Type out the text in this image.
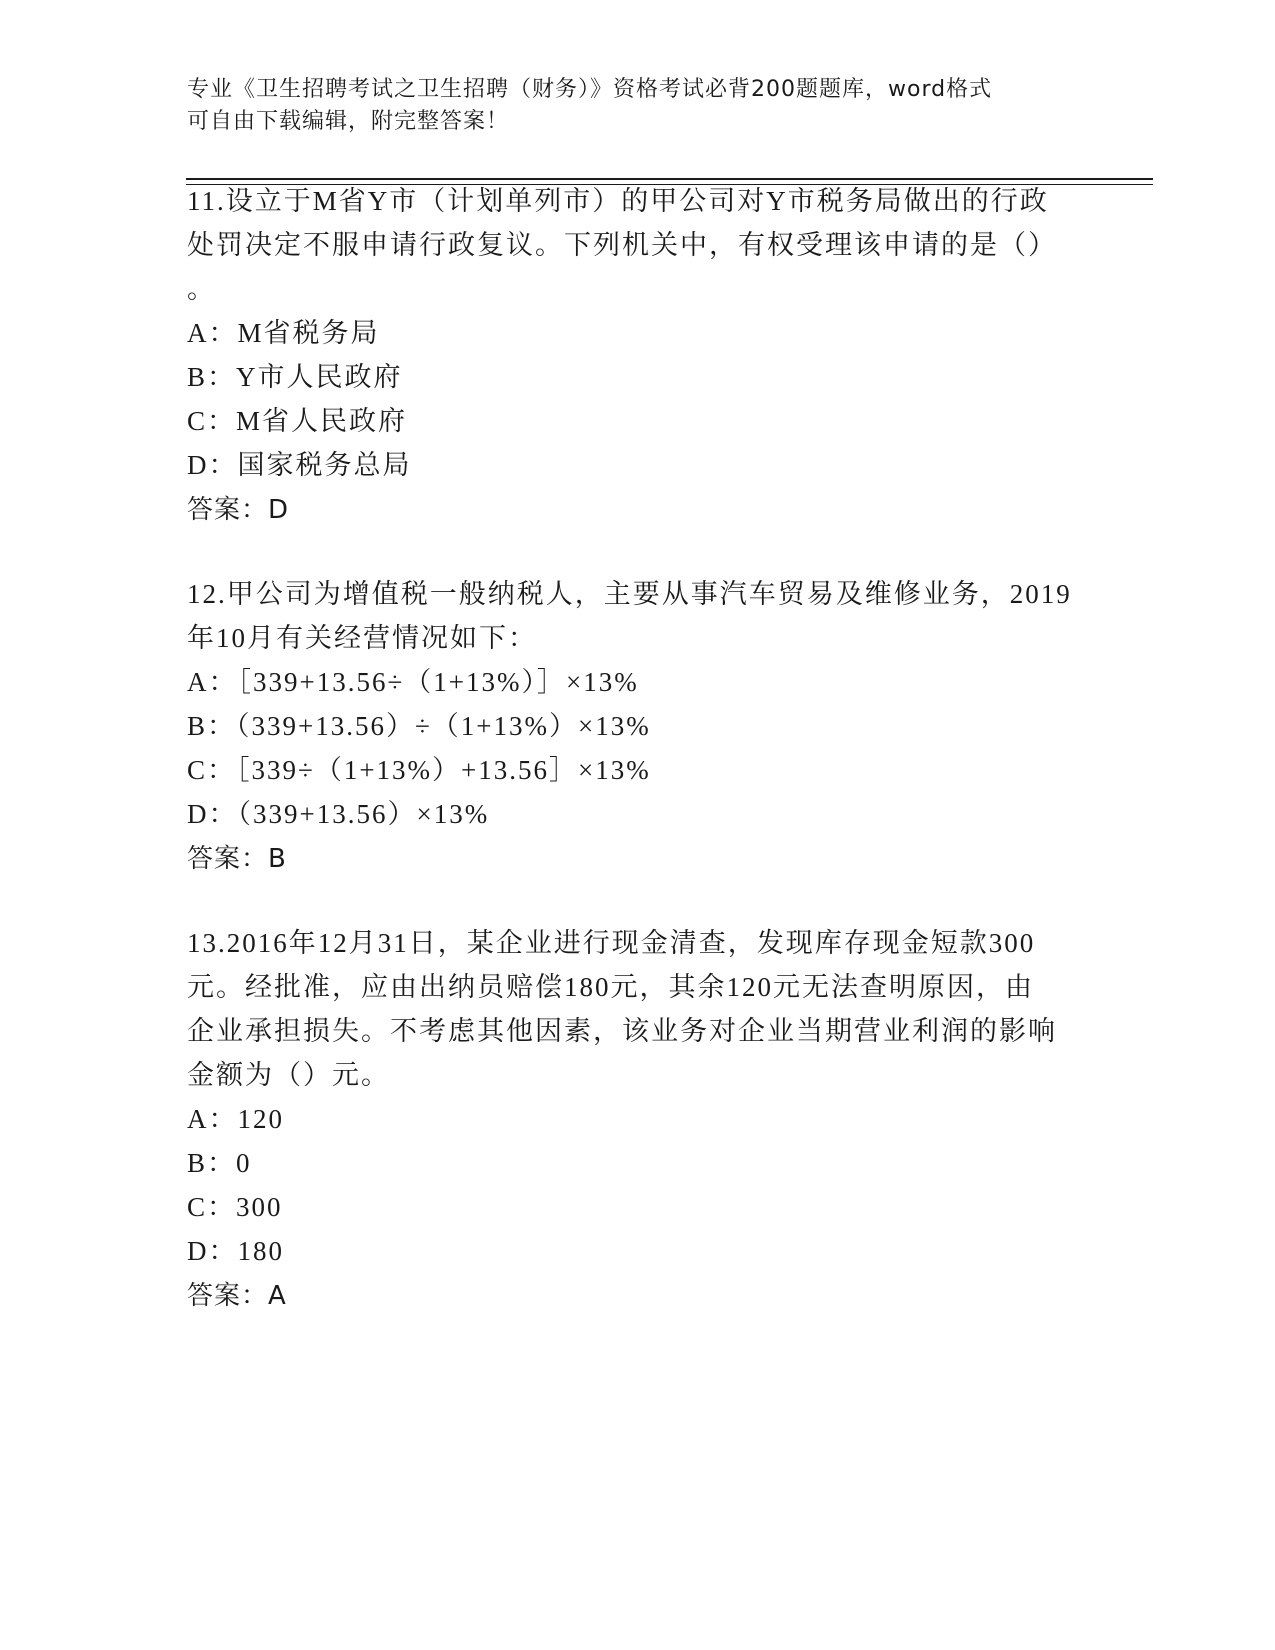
专业《卫生招聘考试之卫生招聘（财务）》资格考试必背200题题库，word格式
可自由下载编辑，附完整答案！
11.设立于M省Y市（计划单列市）的甲公司对Y市税务局做出的行政
处罚决定不服申请行政复议。下列机关中，有权受理该申请的是（）
。
A：M省税务局
B：Y市人民政府
C：M省人民政府
D：国家税务总局
答案：D
12.甲公司为增值税一般纳税人，主要从事汽车贸易及维修业务，2019
年10月有关经营情况如下：
A：［339+13.56÷（1+13%）］×13%
B：（339+13.56）÷（1+13%）×13%
C：［339÷（1+13%）+13.56］×13%
D：（339+13.56）×13%
答案：B
13.2016年12月31日，某企业进行现金清查，发现库存现金短款300
元。经批准，应由出纳员赔偿180元，其余120元无法查明原因，由
企业承担损失。不考虑其他因素，该业务对企业当期营业利润的影响
金额为（）元。
A：120
B：0
C：300
D：180
答案：A
